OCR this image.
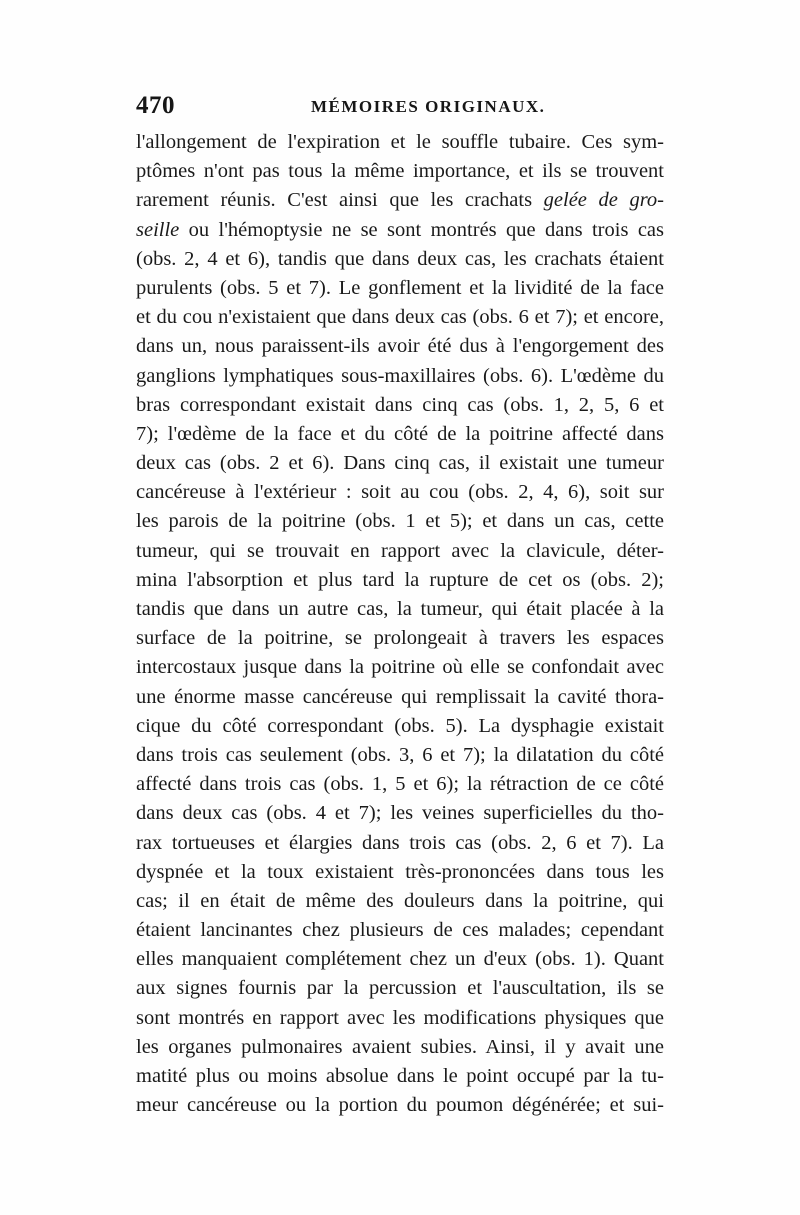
470	MÉMOIRES ORIGINAUX.
l'allongement de l'expiration et le souffle tubaire. Ces sym-
ptômes n'ont pas tous la même importance, et ils se trouvent
rarement réunis. C'est ainsi que les crachats gelée de gro-
seille ou l'hémoptysie ne se sont montrés que dans trois cas
(obs. 2, 4 et 6), tandis que dans deux cas, les crachats étaient
purulents (obs. 5 et 7). Le gonflement et la lividité de la face
et du cou n'existaient que dans deux cas (obs. 6 et 7); et encore,
dans un, nous paraissent-ils avoir été dus à l'engorgement des
ganglions lymphatiques sous-maxillaires (obs. 6). L'œdème du
bras correspondant existait dans cinq cas (obs. 1, 2, 5, 6 et
7); l'œdème de la face et du côté de la poitrine affecté dans
deux cas (obs. 2 et 6). Dans cinq cas, il existait une tumeur
cancéreuse à l'extérieur : soit au cou (obs. 2, 4, 6), soit sur
les parois de la poitrine (obs. 1 et 5); et dans un cas, cette
tumeur, qui se trouvait en rapport avec la clavicule, déter-
mina l'absorption et plus tard la rupture de cet os (obs. 2);
tandis que dans un autre cas, la tumeur, qui était placée à la
surface de la poitrine, se prolongeait à travers les espaces
intercostaux jusque dans la poitrine où elle se confondait avec
une énorme masse cancéreuse qui remplissait la cavité thora-
cique du côté correspondant (obs. 5). La dysphagie existait
dans trois cas seulement (obs. 3, 6 et 7); la dilatation du côté
affecté dans trois cas (obs. 1, 5 et 6); la rétraction de ce côté
dans deux cas (obs. 4 et 7); les veines superficielles du tho-
rax tortueuses et élargies dans trois cas (obs. 2, 6 et 7). La
dyspnée et la toux existaient très-prononcées dans tous les
cas; il en était de même des douleurs dans la poitrine, qui
étaient lancinantes chez plusieurs de ces malades; cependant
elles manquaient complétement chez un d'eux (obs. 1). Quant
aux signes fournis par la percussion et l'auscultation, ils se
sont montrés en rapport avec les modifications physiques que
les organes pulmonaires avaient subies. Ainsi, il y avait une
matité plus ou moins absolue dans le point occupé par la tu-
meur cancéreuse ou la portion du poumon dégénérée; et sui-
